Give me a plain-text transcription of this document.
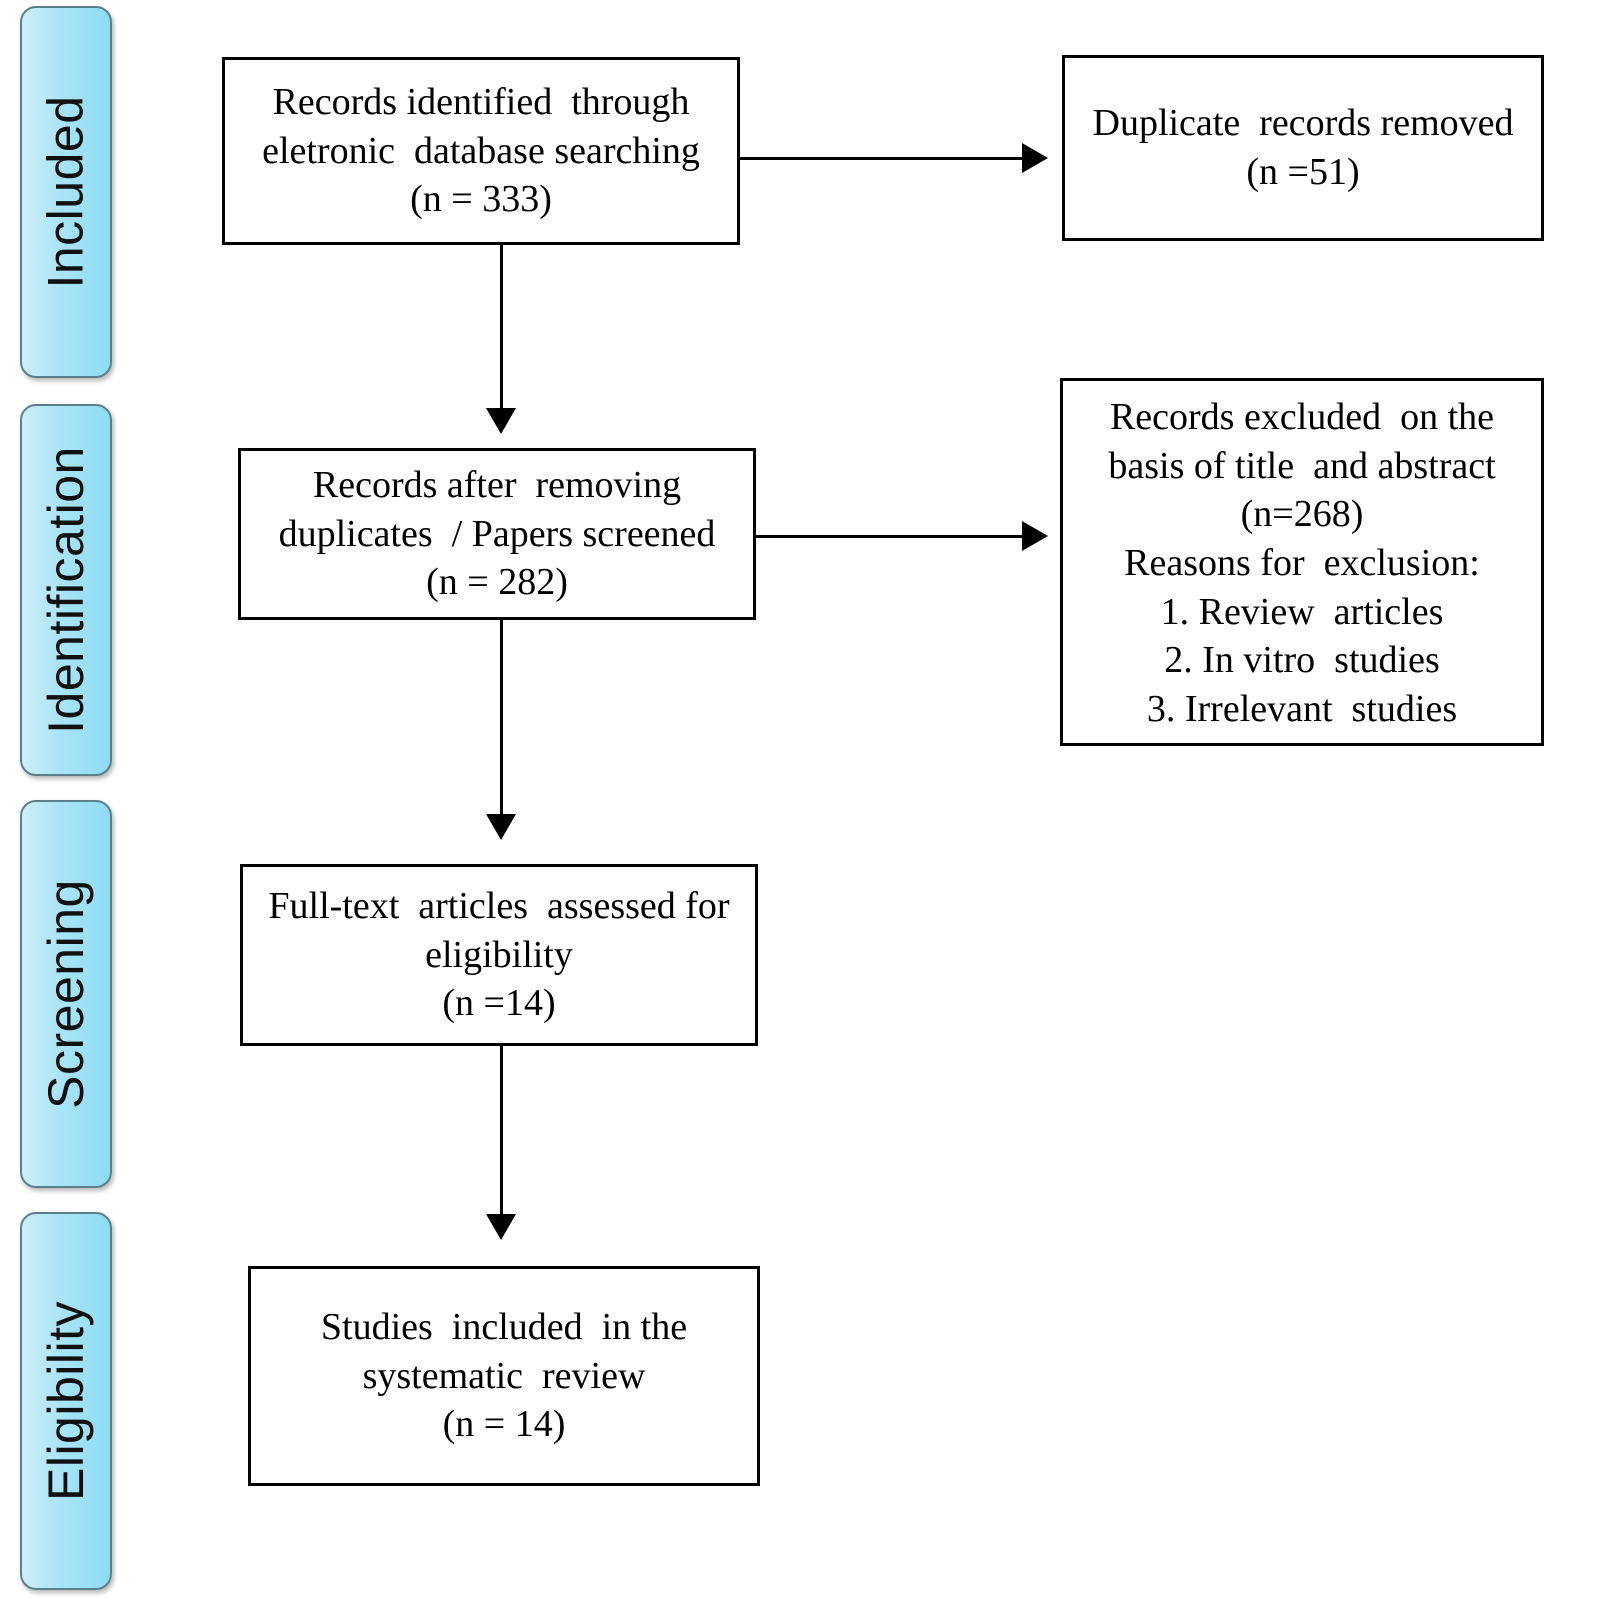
Included
Identification
Screening
Eligibility
Records identified  through
eletronic  database searching
(n = 333)
Duplicate  records removed
(n =51)
Records after  removing
duplicates  / Papers screened
(n = 282)
Records excluded  on the
basis of title  and abstract
(n=268)
Reasons for  exclusion:
1. Review  articles
2. In vitro  studies
3. Irrelevant  studies
Full-text  articles  assessed for
eligibility
(n =14)
Studies  included  in the
systematic  review
(n = 14)
